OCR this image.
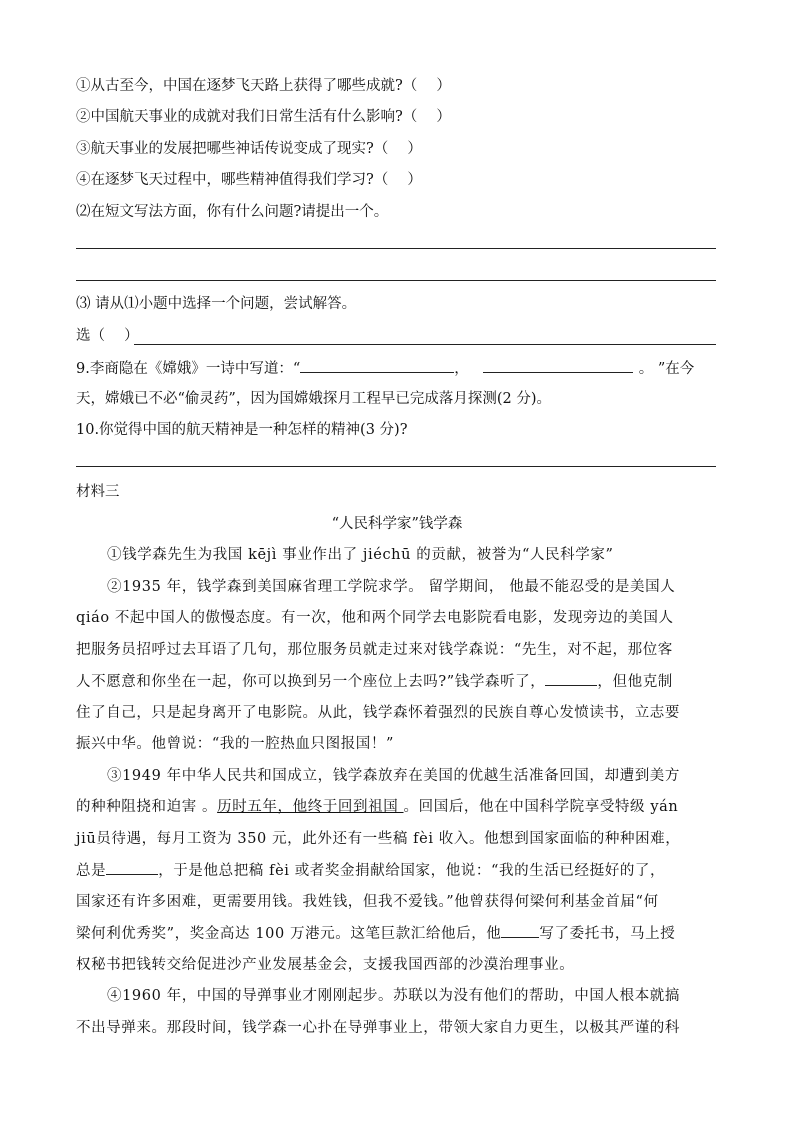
①从古至今，中国在逐梦飞天路上获得了哪些成就?（　 ）
②中国航天事业的成就对我们日常生活有什么影响?（　 ）
③航天事业的发展把哪些神话传说变成了现实?（　 ）
④在逐梦飞天过程中，哪些精神值得我们学习?（　 ）
⑵在短文写法方面，你有什么问题?请提出一个。
⑶ 请从⑴小题中选择一个问题，尝试解答。
选（　 ）
9.李商隐在《嫦娥》一诗中写道：“	，	。 ”在今
天，嫦娥已不必“偷灵药”，因为国嫦娥探月工程早已完成落月探测(2 分)。
10.你觉得中国的航天精神是一种怎样的精神(3 分)?
材料三
“人民科学家”钱学森
①钱学森先生为我国 kējì 事业作出了 jiéchū 的贡献，被誉为“人民科学家”
②1935 年，钱学森到美国麻省理工学院求学。 留学期间， 他最不能忍受的是美国人
qiáo 不起中国人的傲慢态度。有一次，他和两个同学去电影院看电影，发现旁边的美国人
把服务员招呼过去耳语了几句，那位服务员就走过来对钱学森说：“先生，对不起，那位客
人不愿意和你坐在一起，你可以换到另一个座位上去吗?”钱学森听了，	，但他克制
住了自己，只是起身离开了电影院。从此，钱学森怀着强烈的民族自尊心发愤读书，立志要
振兴中华。他曾说：“我的一腔热血只图报国！”
③1949 年中华人民共和国成立，钱学森放弃在美国的优越生活准备回国，却遭到美方
的种种阻挠和迫害 。历时五年，他终于回到祖国 。回国后，他在中国科学院享受特级 yán
jiū员待遇，每月工资为 350 元，此外还有一些稿 fèi 收入。他想到国家面临的种种困难，
总是	，于是他总把稿 fèi 或者奖金捐献给国家，他说：“我的生活已经挺好的了，
国家还有许多困难，更需要用钱。我姓钱，但我不爱钱。”他曾获得何梁何利基金首届“何
梁何利优秀奖”，奖金高达 100 万港元。这笔巨款汇给他后，他	写了委托书，马上授
权秘书把钱转交给促进沙产业发展基金会，支援我国西部的沙漠治理事业。
④1960 年，中国的导弹事业才刚刚起步。苏联以为没有他们的帮助，中国人根本就搞
不出导弹来。那段时间，钱学森一心扑在导弹事业上，带领大家自力更生，以极其严谨的科
